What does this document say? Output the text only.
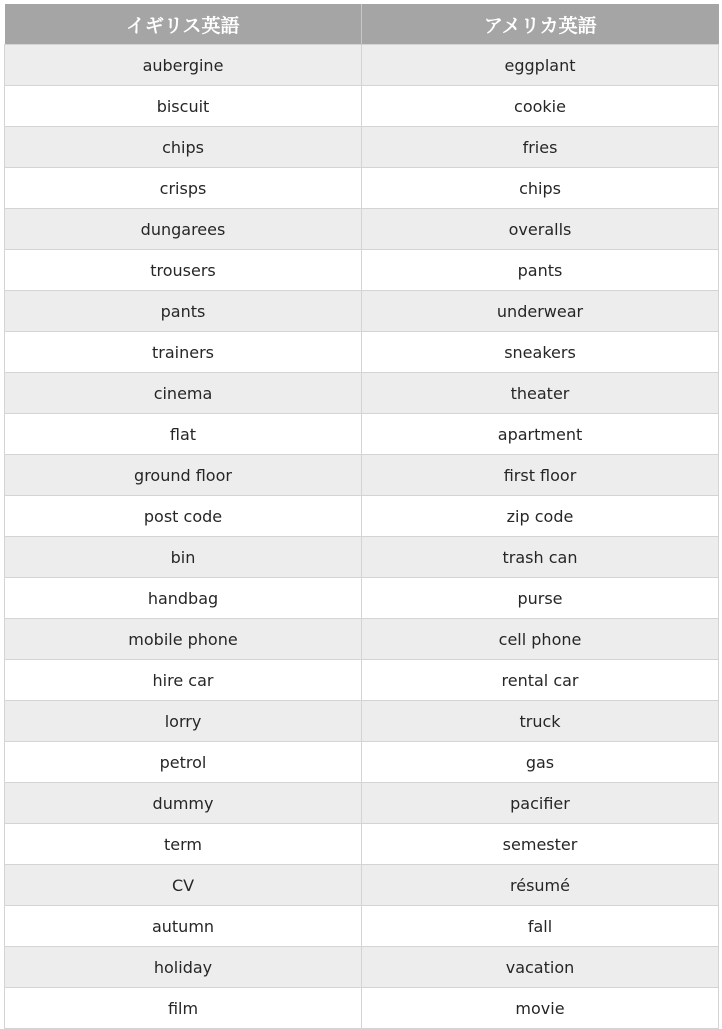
イギリス英語	アメリカ英語
aubergine	eggplant
biscuit	cookie
chips	fries
crisps	chips
dungarees	overalls
trousers	pants
pants	underwear
trainers	sneakers
cinema	theater
flat	apartment
ground floor	first floor
post code	zip code
bin	trash can
handbag	purse
mobile phone	cell phone
hire car	rental car
lorry	truck
petrol	gas
dummy	pacifier
term	semester
CV	résumé
autumn	fall
holiday	vacation
film	movie
